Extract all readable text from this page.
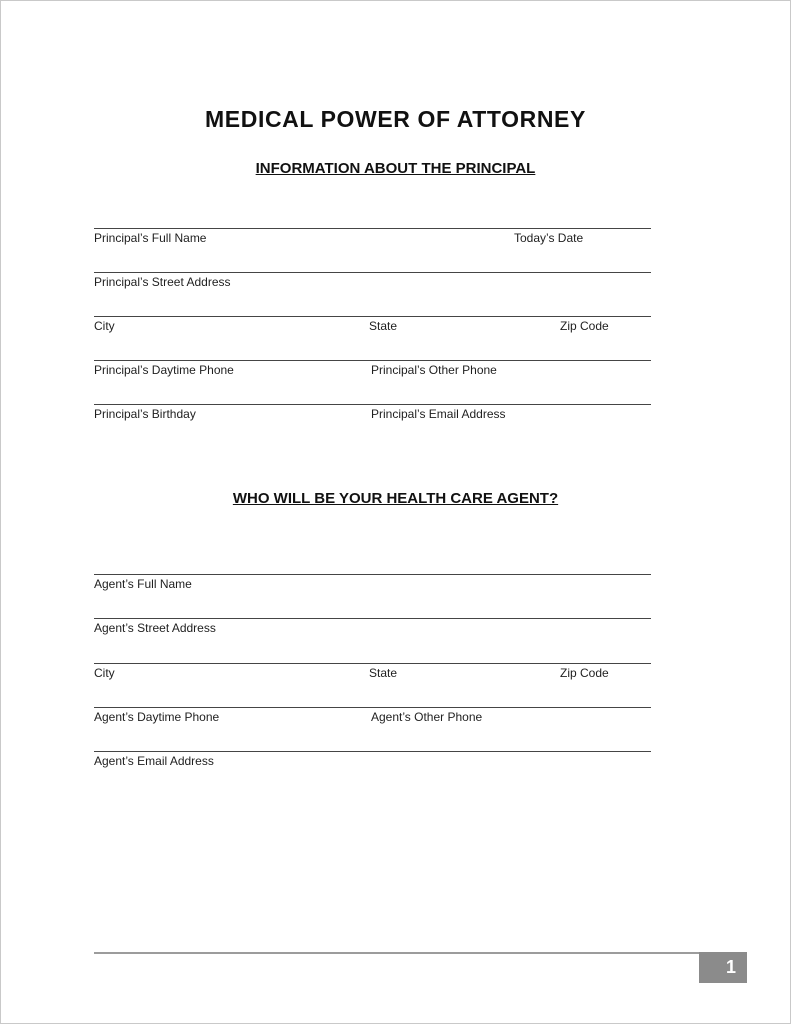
MEDICAL POWER OF ATTORNEY
INFORMATION ABOUT THE PRINCIPAL
Principal’s Full Name	Today’s Date
Principal’s Street Address
City	State	Zip Code
Principal’s Daytime Phone	Principal’s Other Phone
Principal’s Birthday	Principal’s Email Address
WHO WILL BE YOUR HEALTH CARE AGENT?
Agent’s Full Name
Agent’s Street Address
City	State	Zip Code
Agent’s Daytime Phone	Agent’s Other Phone
Agent’s Email Address
1
